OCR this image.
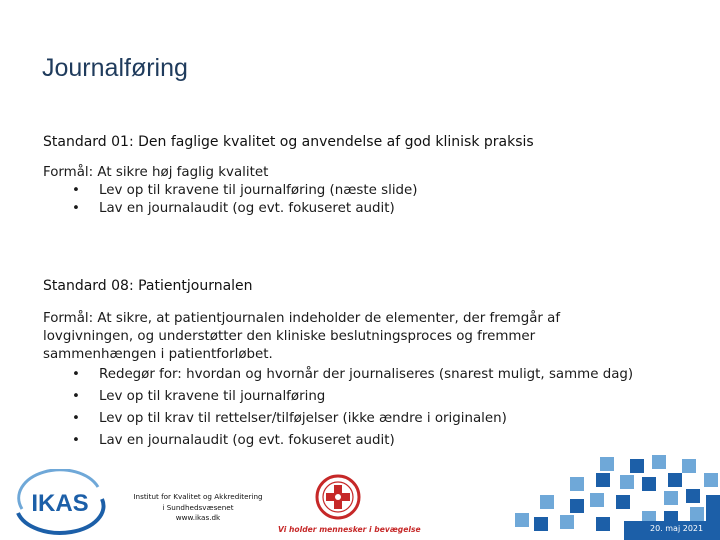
Journalføring
Standard 01: Den faglige kvalitet og anvendelse af god klinisk praksis
Formål: At sikre høj faglig kvalitet
• Lev op til kravene til journalføring (næste slide)
• Lav en journalaudit (og evt. fokuseret audit)
Standard 08: Patientjournalen
Formål: At sikre, at patientjournalen indeholder de elementer, der fremgår af
lovgivningen, og understøtter den kliniske beslutningsproces og fremmer
sammenhængen i patientforløbet.
• Redegør for: hvordan og hvornår der journaliseres (snarest muligt, samme dag)
• Lev op til kravene til journalføring
• Lev op til krav til rettelser/tilføjelser (ikke ændre i originalen)
• Lav en journalaudit (og evt. fokuseret audit)
IKAS	Institut for Kvalitet og Akkreditering
i Sundhedsvæsenet
www.ikas.dk
Vi holder mennesker i bevægelse	20. maj 2021
